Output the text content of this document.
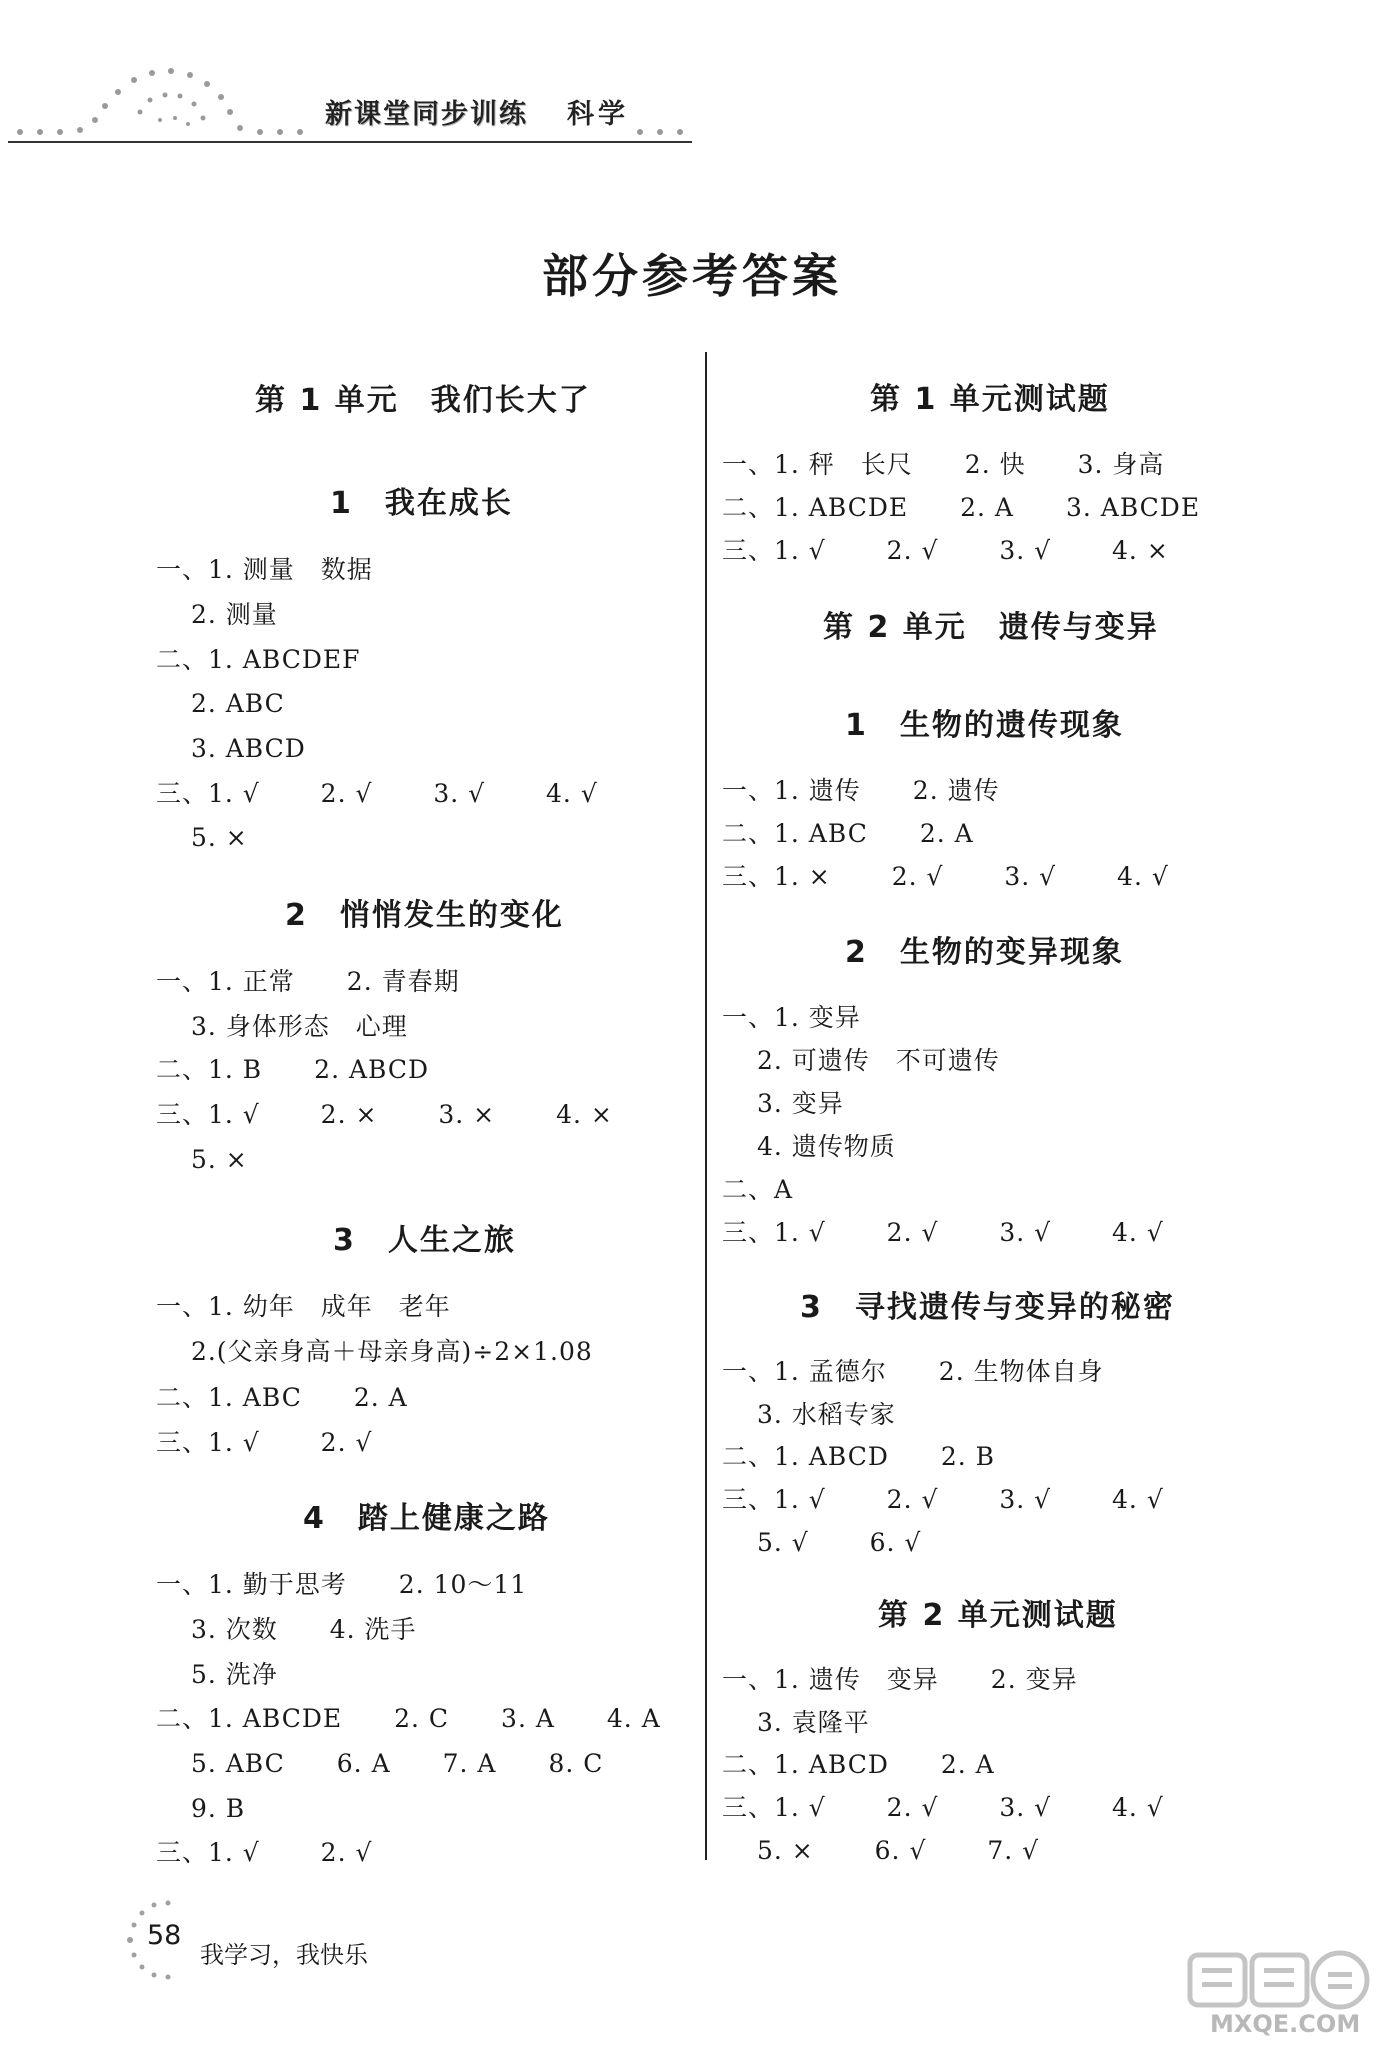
新课堂同步训练 科学
部分参考答案
第 1 单元　我们长大了
1　我在成长
一、1. 测量　数据
　 2. 测量
二、1. ABCDEF
　 2. ABC
　 3. ABCD
三、1. √　　 2. √　　 3. √　　 4. √
　 5. ×
2　悄悄发生的变化
一、1. 正常　　2. 青春期
　 3. 身体形态　心理
二、1. B　　2. ABCD
三、1. √　　 2. ×　　 3. ×　　 4. ×
　 5. ×
3　人生之旅
一、1. 幼年　成年　老年
　 2.(父亲身高＋母亲身高)÷2×1.08
二、1. ABC　　2. A
三、1. √　　 2. √
4　踏上健康之路
一、1. 勤于思考　　2. 10～11
　 3. 次数　　4. 洗手
　 5. 洗净
二、1. ABCDE　　2. C　　3. A　　4. A
　 5. ABC　　6. A　　7. A　　8. C
　 9. B
三、1. √　　 2. √
第 1 单元测试题
一、1. 秤　长尺　　2. 快　　3. 身高
二、1. ABCDE　　2. A　　3. ABCDE
三、1. √　　 2. √　　 3. √　　 4. ×
第 2 单元　遗传与变异
1　生物的遗传现象
一、1. 遗传　　2. 遗传
二、1. ABC　　2. A
三、1. ×　　 2. √　　 3. √　　 4. √
2　生物的变异现象
一、1. 变异
　 2. 可遗传　不可遗传
　 3. 变异
　 4. 遗传物质
二、A
三、1. √　　 2. √　　 3. √　　 4. √
3　寻找遗传与变异的秘密
一、1. 孟德尔　　2. 生物体自身
　 3. 水稻专家
二、1. ABCD　　2. B
三、1. √　　 2. √　　 3. √　　 4. √
　 5. √　　 6. √
第 2 单元测试题
一、1. 遗传　变异　　2. 变异
　 3. 袁隆平
二、1. ABCD　　2. A
三、1. √　　 2. √　　 3. √　　 4. √
　 5. ×　　 6. √　　 7. √
58
我学习，我快乐
MXQE.COM
